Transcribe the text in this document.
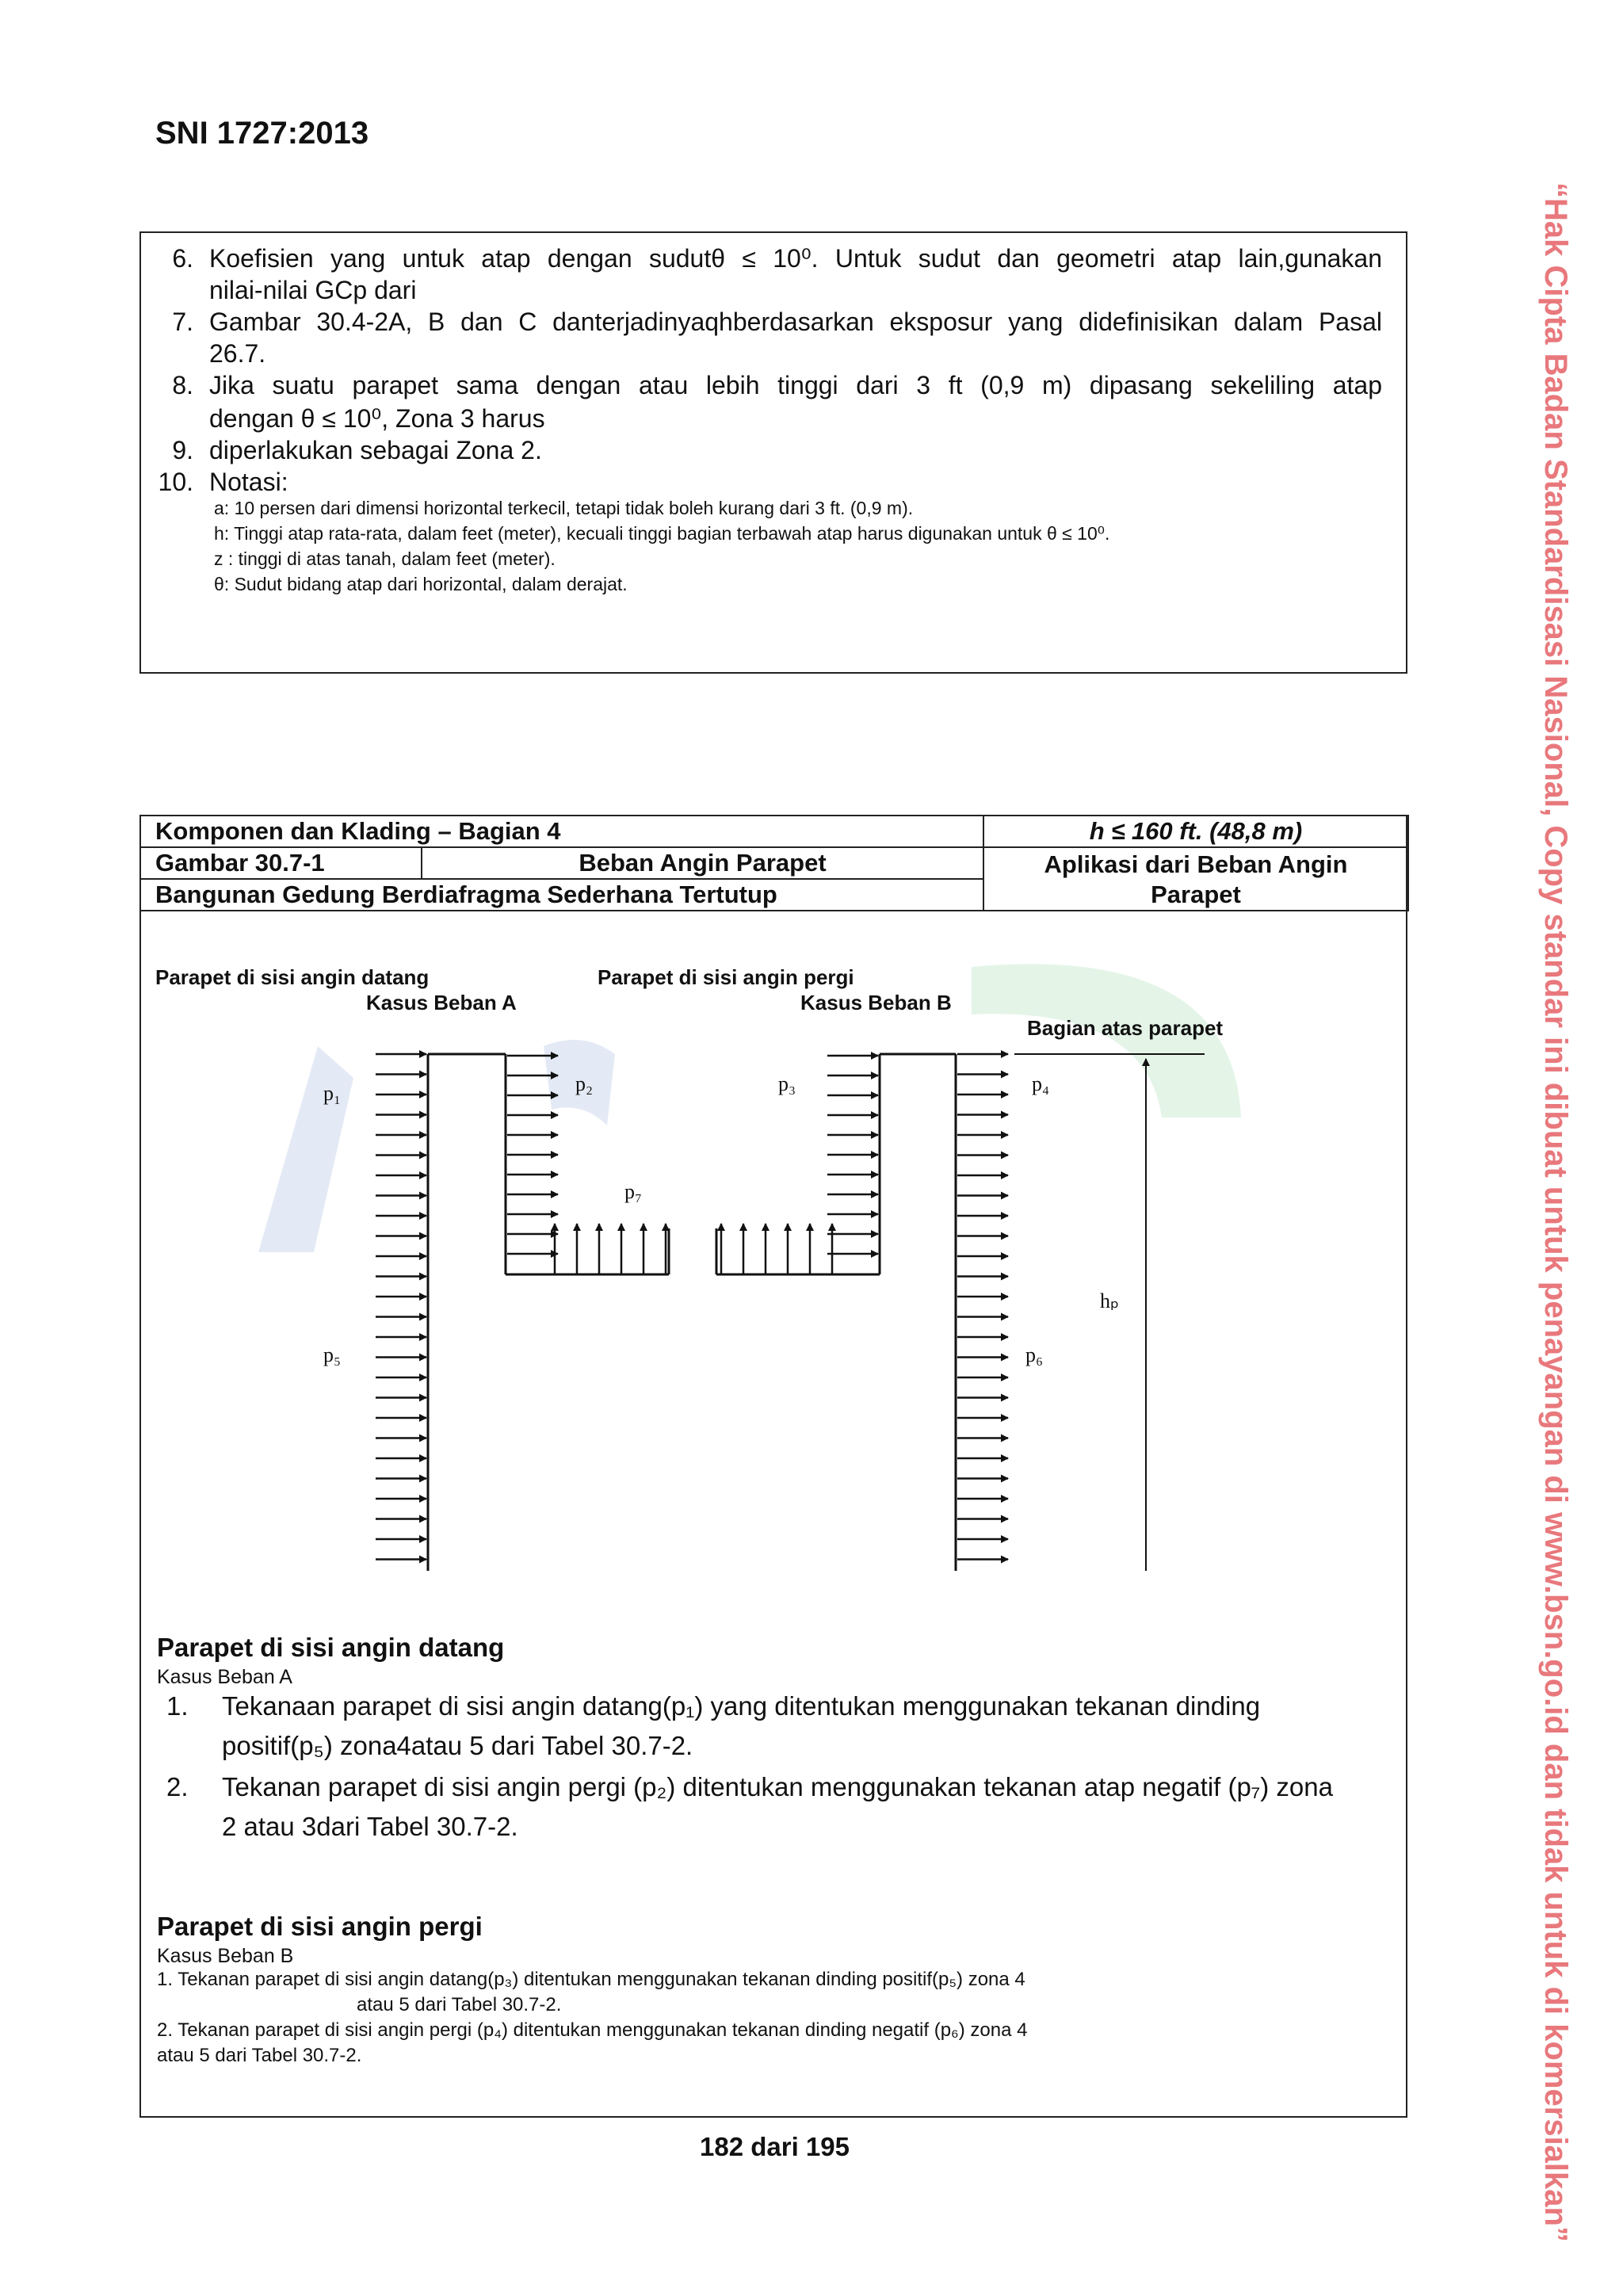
SNI 1727:2013
“Hak Cipta Badan Standardisasi Nasional, Copy standar ini dibuat untuk penayangan di www.bsn.go.id dan tidak untuk di komersialkan”
6. Koefisien yang untuk atap dengan sudutθ ≤ 10⁰. Untuk sudut dan geometri atap lain,gunakan
nilai-nilai GCp dari
7. Gambar 30.4-2A, B dan C danterjadinyaqhberdasarkan eksposur yang didefinisikan dalam Pasal
26.7.
8. Jika suatu parapet sama dengan atau lebih tinggi dari 3 ft (0,9 m) dipasang sekeliling atap
dengan θ ≤ 10⁰, Zona 3 harus
9. diperlakukan sebagai Zona 2.
10. Notasi:
a: 10 persen dari dimensi horizontal terkecil, tetapi tidak boleh kurang dari 3 ft. (0,9 m).
h: Tinggi atap rata-rata, dalam feet (meter), kecuali tinggi bagian terbawah atap harus digunakan untuk θ ≤ 10⁰.
z : tinggi di atas tanah, dalam feet (meter).
θ: Sudut bidang atap dari horizontal, dalam derajat.
Komponen dan Klading – Bagian 4	h ≤ 160 ft. (48,8 m)
Gambar 30.7-1	Beban Angin Parapet
Bangunan Gedung Berdiafragma Sederhana Tertutup
Aplikasi dari Beban Angin Parapet
Parapet di sisi angin datang
Kasus Beban A
1. Tekanaan parapet di sisi angin datang(p₁) yang ditentukan menggunakan tekanan dinding
positif(p₅) zona4atau 5 dari Tabel 30.7-2.
2. Tekanan parapet di sisi angin pergi (p₂) ditentukan menggunakan tekanan atap negatif (p₇) zona
2 atau 3dari Tabel 30.7-2.
Parapet di sisi angin pergi
Kasus Beban B
1. Tekanan parapet di sisi angin datang(p₃) ditentukan menggunakan tekanan dinding positif(p₅) zona 4
atau 5 dari Tabel 30.7-2.
2. Tekanan parapet di sisi angin pergi (p₄) ditentukan menggunakan tekanan dinding negatif (p₆) zona 4
atau 5 dari Tabel 30.7-2.
p₁	p₂	p₃	p₄
p₅	p₆
p₇
hₚ
Parapet di sisi angin datang
Kasus Beban A
Parapet di sisi angin pergi
Kasus Beban B
Bagian atas parapet
182 dari 195
